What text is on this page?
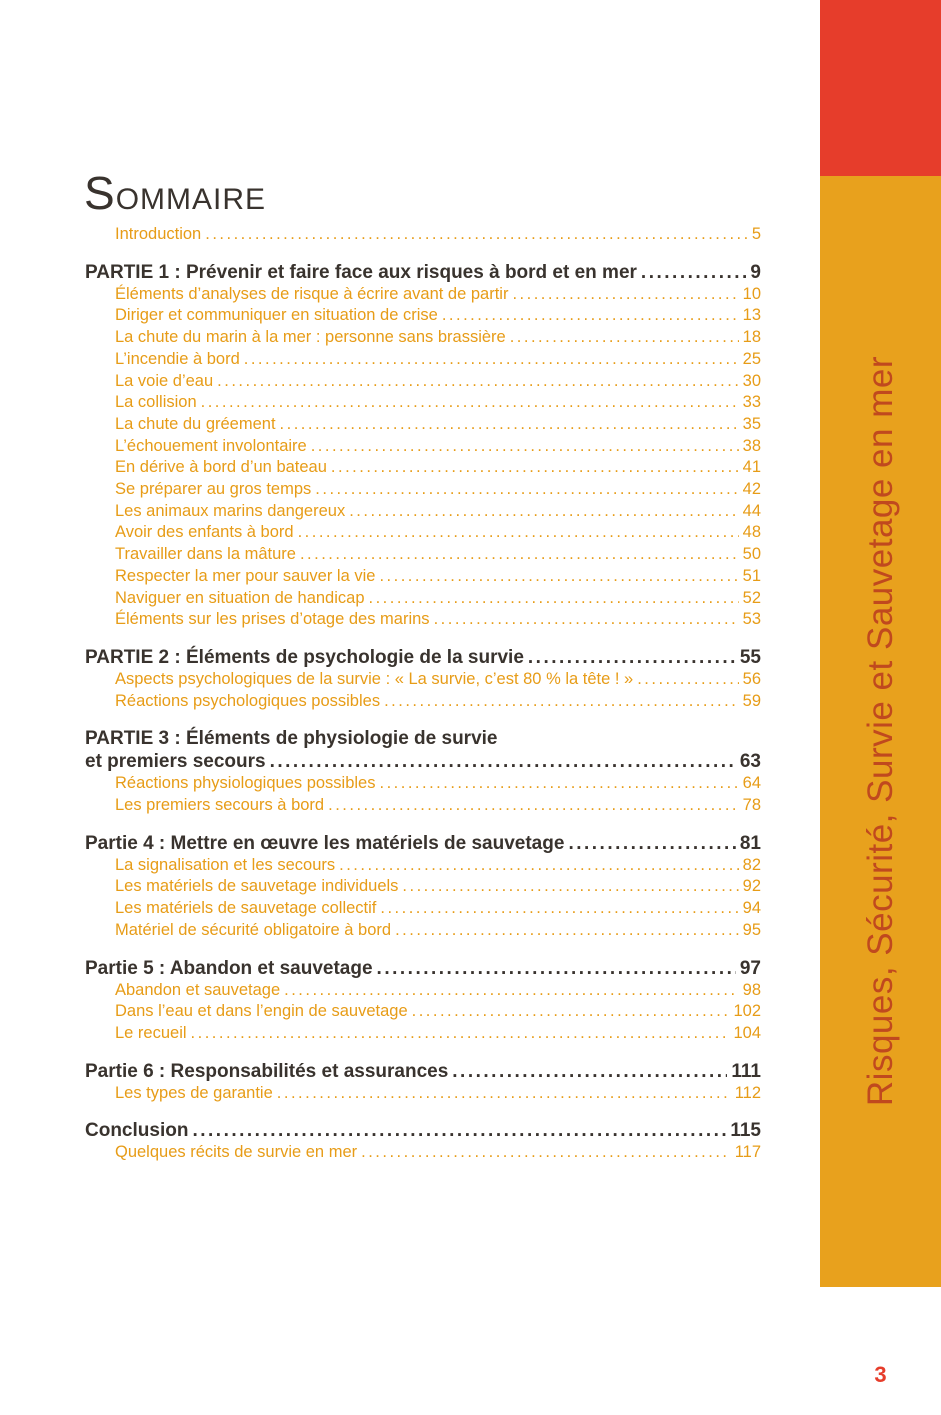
SOMMAIRE
Introduction .....	5
PARTIE 1 : Prévenir et faire face aux risques à bord et en mer .....	9
Éléments d’analyses de risque à écrire avant de partir .....	10
Diriger et communiquer en situation de crise .....	13
La chute du marin à la mer : personne sans brassière .....	18
L’incendie à bord .....	25
La voie d’eau .....	30
La collision .....	33
La chute du gréement .....	35
L’échouement involontaire .....	38
En dérive à bord d’un bateau .....	41
Se préparer au gros temps .....	42
Les animaux marins dangereux .....	44
Avoir des enfants à bord .....	48
Travailler dans la mâture .....	50
Respecter la mer pour sauver la vie .....	51
Naviguer en situation de handicap .....	52
Éléments sur les prises d’otage des marins .....	53
PARTIE 2 : Éléments de psychologie de la survie .....	55
Aspects psychologiques de la survie : « La survie, c’est 80 % la tête ! » .....	56
Réactions psychologiques possibles .....	59
PARTIE 3 : Éléments de physiologie de survie
et premiers secours .....	63
Réactions physiologiques possibles .....	64
Les premiers secours à bord .....	78
Partie 4 : Mettre en œuvre les matériels de sauvetage .....	81
La signalisation et les secours .....	82
Les matériels de sauvetage individuels .....	92
Les matériels de sauvetage collectif .....	94
Matériel de sécurité obligatoire à bord .....	95
Partie 5 : Abandon et sauvetage .....	97
Abandon et sauvetage .....	98
Dans l’eau et dans l’engin de sauvetage .....	102
Le recueil .....	104
Partie 6 : Responsabilités et assurances .....	111
Les types de garantie .....	112
Conclusion .....	115
Quelques récits de survie en mer .....	117
Risques, Sécurité, Survie et Sauvetage en mer
3
